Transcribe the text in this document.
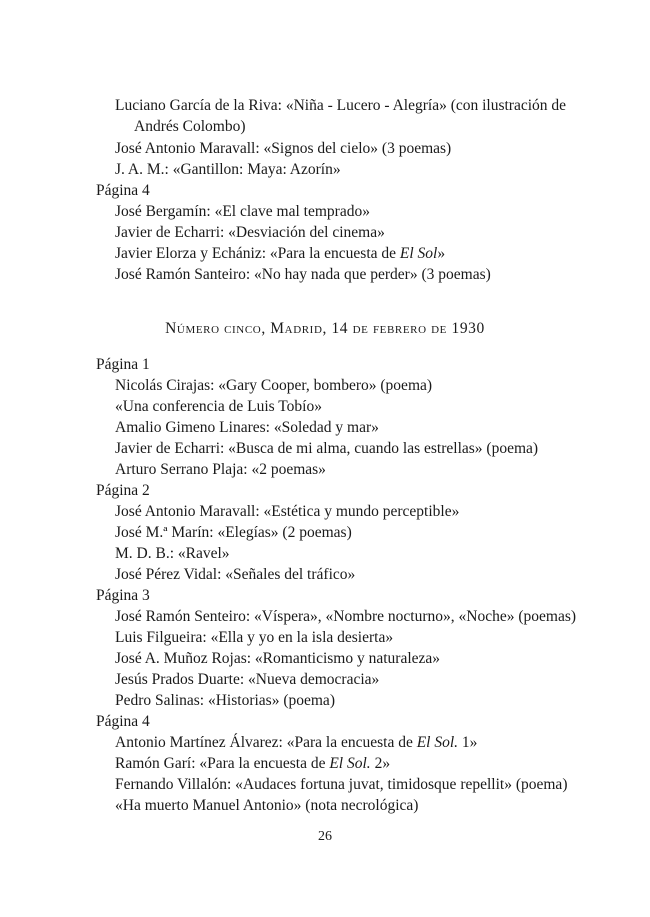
Luciano García de la Riva: «Niña - Lucero - Alegría» (con ilustración de
Andrés Colombo)
José Antonio Maravall: «Signos del cielo» (3 poemas)
J. A. M.: «Gantillon: Maya: Azorín»
Página 4
José Bergamín: «El clave mal temprado»
Javier de Echarri: «Desviación del cinema»
Javier Elorza y Echániz: «Para la encuesta de El Sol»
José Ramón Santeiro: «No hay nada que perder» (3 poemas)
Número cinco, Madrid, 14 de febrero de 1930
Página 1
Nicolás Cirajas: «Gary Cooper, bombero» (poema)
«Una conferencia de Luis Tobío»
Amalio Gimeno Linares: «Soledad y mar»
Javier de Echarri: «Busca de mi alma, cuando las estrellas» (poema)
Arturo Serrano Plaja: «2 poemas»
Página 2
José Antonio Maravall: «Estética y mundo perceptible»
José M.ª Marín: «Elegías» (2 poemas)
M. D. B.: «Ravel»
José Pérez Vidal: «Señales del tráfico»
Página 3
José Ramón Senteiro: «Víspera», «Nombre nocturno», «Noche» (poemas)
Luis Filgueira: «Ella y yo en la isla desierta»
José A. Muñoz Rojas: «Romanticismo y naturaleza»
Jesús Prados Duarte: «Nueva democracia»
Pedro Salinas: «Historias» (poema)
Página 4
Antonio Martínez Álvarez: «Para la encuesta de El Sol. 1»
Ramón Garí: «Para la encuesta de El Sol. 2»
Fernando Villalón: «Audaces fortuna juvat, timidosque repellit» (poema)
«Ha muerto Manuel Antonio» (nota necrológica)
26
